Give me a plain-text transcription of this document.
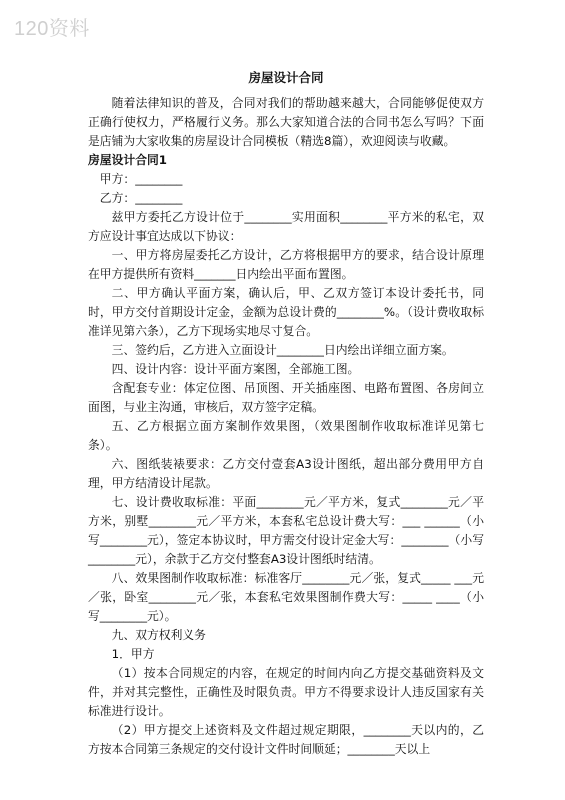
120资料
房屋设计合同

随着法律知识的普及，合同对我们的帮助越来越大，合同能够促使双方正确行使权力，严格履行义务。那么大家知道合法的合同书怎么写吗？下面是店铺为大家收集的房屋设计合同模板（精选8篇），欢迎阅读与收藏。

房屋设计合同1

甲方：________

乙方：________

兹甲方委托乙方设计位于________实用面积________平方米的私宅，双方应设计事宜达成以下协议：

一、甲方将房屋委托乙方设计，乙方将根据甲方的要求，结合设计原理在甲方提供所有资料_______日内绘出平面布置图。

二、甲方确认平面方案，确认后，甲、乙双方签订本设计委托书，同时，甲方交付首期设计定金，金额为总设计费的________%。（设计费收取标准详见第六条），乙方下现场实地尽寸复合。

三、签约后，乙方进入立面设计________日内绘出详细立面方案。

四、设计内容：设计平面方案图，全部施工图。

含配套专业：体定位图、吊顶图、开关插座图、电路布置图、各房间立面图，与业主沟通，审核后，双方签字定稿。

五、乙方根据立面方案制作效果图，（效果图制作收取标准详见第七条）。

六、图纸装裱要求：乙方交付壹套A3设计图纸，超出部分费用甲方自理，甲方结清设计尾款。

七、设计费收取标准：平面________元／平方米，复式________元／平方米，别墅________元／平方米，本套私宅总设计费大写：___ ______（小写________元），签定本协议时，甲方需交付设计定金大写：________（小写________元），余款于乙方交付整套A3设计图纸时结清。

八、效果图制作收取标准：标准客厅________元／张，复式_____ ___元／张，卧室________元／张，本套私宅效果图制作费大写：_____ ____（小写________元）。

九、双方权利义务

1．甲方

（1）按本合同规定的内容，在规定的时间内向乙方提交基础资料及文件，并对其完整性，正确性及时限负责。甲方不得要求设计人违反国家有关标准进行设计。

（2）甲方提交上述资料及文件超过规定期限，________天以内的，乙方按本合同第三条规定的交付设计文件时间顺延；________天以上
